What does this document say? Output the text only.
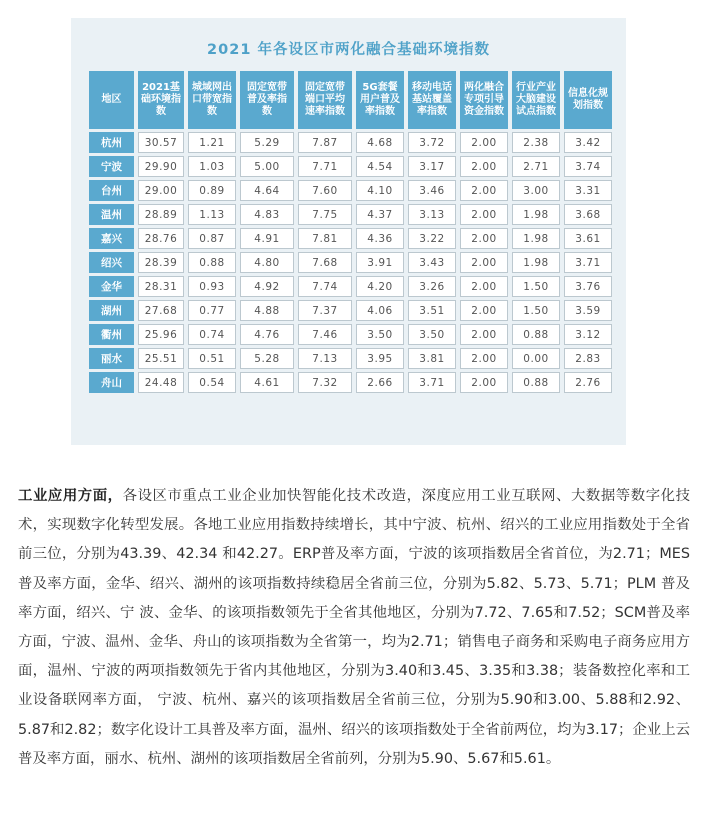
2021 年各设区市两化融合基础环境指数
地区	2021基础环境指数	城域网出口带宽指数	固定宽带普及率指数	固定宽带端口平均速率指数	5G套餐用户普及率指数	移动电话基站覆盖率指数	两化融合专项引导资金指数	行业产业大脑建设试点指数	信息化规划指数
杭州	30.57	1.21	5.29	7.87	4.68	3.72	2.00	2.38	3.42
宁波	29.90	1.03	5.00	7.71	4.54	3.17	2.00	2.71	3.74
台州	29.00	0.89	4.64	7.60	4.10	3.46	2.00	3.00	3.31
温州	28.89	1.13	4.83	7.75	4.37	3.13	2.00	1.98	3.68
嘉兴	28.76	0.87	4.91	7.81	4.36	3.22	2.00	1.98	3.61
绍兴	28.39	0.88	4.80	7.68	3.91	3.43	2.00	1.98	3.71
金华	28.31	0.93	4.92	7.74	4.20	3.26	2.00	1.50	3.76
湖州	27.68	0.77	4.88	7.37	4.06	3.51	2.00	1.50	3.59
衢州	25.96	0.74	4.76	7.46	3.50	3.50	2.00	0.88	3.12
丽水	25.51	0.51	5.28	7.13	3.95	3.81	2.00	0.00	2.83
舟山	24.48	0.54	4.61	7.32	2.66	3.71	2.00	0.88	2.76

工业应用方面，各设区市重点工业企业加快智能化技术改造，深度应用工业互联网、大数据等数字化技术，实现数字化转型发展。各地工业应用指数持续增长，其中宁波、杭州、绍兴的工业应用指数处于全省前三位，分别为43.39、42.34 和42.27。ERP普及率方面，宁波的该项指数居全省首位，为2.71；MES 普及率方面，金华、绍兴、湖州的该项指数持续稳居全省前三位，分别为5.82、5.73、5.71；PLM 普及率方面，绍兴、宁 波、金华、的该项指数领先于全省其他地区，分别为7.72、7.65和7.52；SCM普及率方面，宁波、温州、金华、舟山的该项指数为全省第一，均为2.71；销售电子商务和采购电子商务应用方面，温州、宁波的两项指数领先于省内其他地区，分别为3.40和3.45、3.35和3.38；装备数控化率和工业设备联网率方面， 宁波、杭州、嘉兴的该项指数居全省前三位，分别为5.90和3.00、5.88和2.92、5.87和2.82；数字化设计工具普及率方面，温州、绍兴的该项指数处于全省前两位，均为3.17；企业上云普及率方面，丽水、杭州、湖州的该项指数居全省前列，分别为5.90、5.67和5.61。
